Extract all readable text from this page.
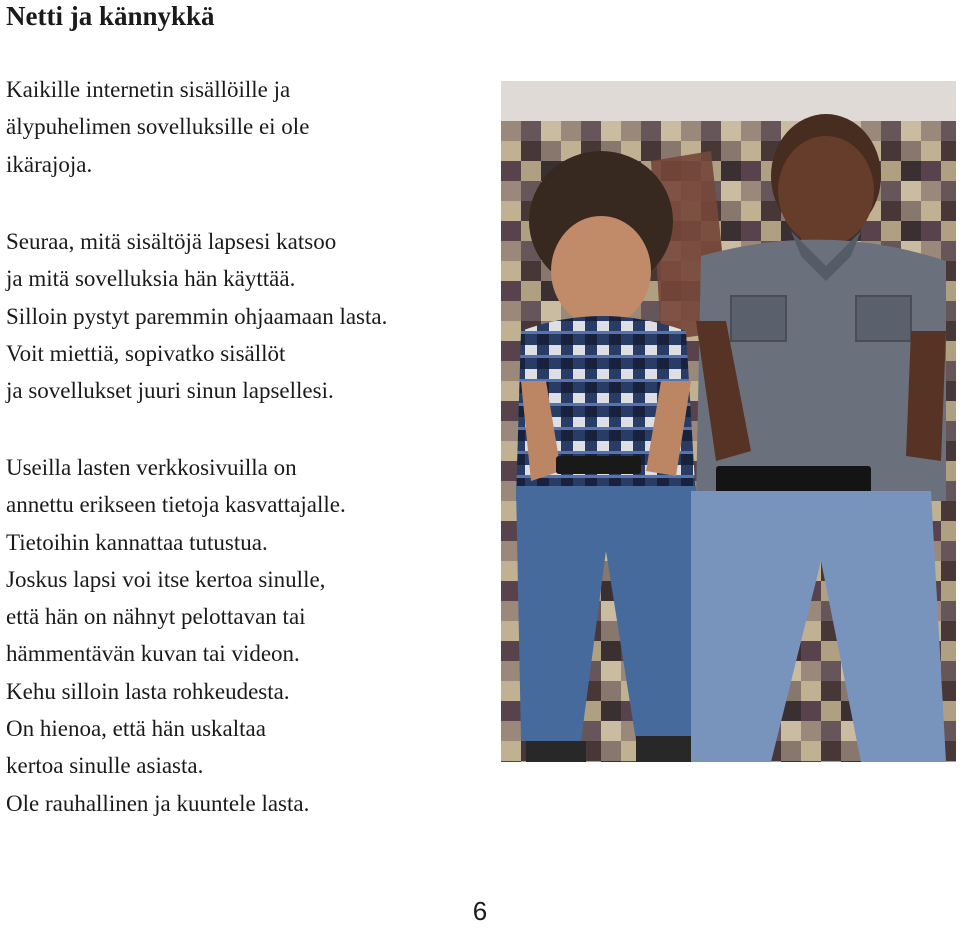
Netti ja kännykkä
Kaikille internetin sisällöille ja
älypuhelimen sovelluksille ei ole
ikärajoja.
Seuraa, mitä sisältöjä lapsesi katsoo
ja mitä sovelluksia hän käyttää.
Silloin pystyt paremmin ohjaamaan lasta.
Voit miettiä, sopivatko sisällöt
ja sovellukset juuri sinun lapsellesi.
Useilla lasten verkkosivuilla on
annettu erikseen tietoja kasvattajalle.
Tietoihin kannattaa tutustua.
Joskus lapsi voi itse kertoa sinulle,
että hän on nähnyt pelottavan tai
hämmentävän kuvan tai videon.
Kehu silloin lasta rohkeudesta.
On hienoa, että hän uskaltaa
kertoa sinulle asiasta.
Ole rauhallinen ja kuuntele lasta.

6
